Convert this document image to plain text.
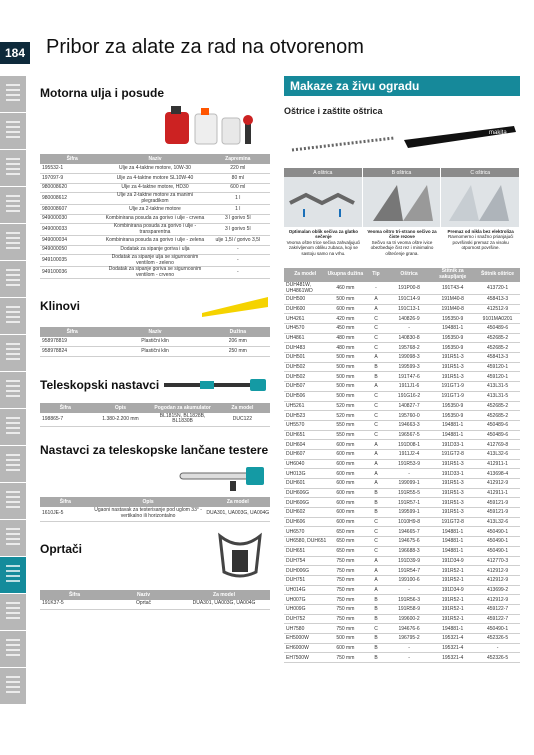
184 Pribor za alate za rad na otvorenom
Motorna ulja i posude
Šifra	Naziv	Zapremina
195532-1	Ulje za 4-taktne motore, 10W-30	220 ml
197097-9	Ulje za 4-taktne motore SL10W-40	80 ml
980008620	Ulje za 4-taktne motore, HD30	600 ml
980008612	Ulje za 2-taktne motore za manimi plegradikom	1 l
980008607	Ulje za 2-taktne motore	1 l
949000030	Kombinirana posuda za gorivo i ulje - crvena	3 l gorivo 5l
949000033	Kombinirana posuda za gorivo i ulje - transparentna	3 l gorivo 5l
949000034	Kombinirana posuda za gorivo i ulje - zelena	ulje 1,5l / gorivo 3,5l
949000050	Dodatak za sipanje goriva i ulja	-
949100035	Dodatak za sipanje ulja se sigurnosnim ventilom - zeleno	-
949100036	Dodatak za sipanje goriva se sigurnosnim ventilom - crveno	-
Klinovi
Šifra	Naziv	Dužina
958978819	Plastični klin	206 mm
958978824	Plastični klin	250 mm
Teleskopski nastavci
Šifra	Opis	Pogodan za akumulator	Za model
198865-7	1.380-2.200 mm	BL1815N, BL1828B, BL1830B	DUC122
Nastavci za teleskopske lančane testere
Šifra	Opis	Za model
1610JE-5	Ugaoni nastavak za testerisanje pod uglom 33° - vertikalno ili horizontalno	DUA301, UA003G, UA004G
Oprtači
Šifra	Naziv	Za model
191K37-5	Oprtač	DUA301, UA003G, UA004G
Makaze za živu ogradu
Oštrice i zaštite oštrica
makita
A oštrica	B oštrica	C oštrica
Optimalan oblik sečiva za glatko sečenje
Veoma oštre trice sečiva zahvaljujući zakrivljenom obliku zubaca, koji se sastoju samo na vrhu.
Veoma oštro tri-strano sečivo za čiste rezove
Sečivo sa tri veoma oštre ivice obezbeđuje čist rez i minimalno oštećenje grana.
Premaz od nikla bez elektroliza
Ravnomerno i snažno prianjajući površinski premaz za visoku otpornost površine.
Za model	Ukupna dužina	Tip	Oštrica	Štitnik za sakupljanje	Štitnik oštrice
DUH481W, UH4861WD	460 mm	-	191P00-8	191T43-4	413720-1
DUH500	500 mm	A	191C14-9	191M40-8	458413-3
DUH600	600 mm	A	191C13-1	191M40-8	412512-9
UH4261	420 mm	C	140826-9	195350-9	9101MA0201
UH4570	450 mm	C	-	194881-1	450489-6
UH4861	480 mm	C	140830-8	195350-9	452685-2
DUH483	480 mm	C	195768-2	195350-9	452685-2
DUH501	500 mm	A	199098-3	191R51-3	458413-3
DUH502	500 mm	B	199599-3	191R51-3	459120-1
DUH502	500 mm	B	191T47-6	191R51-3	459120-1
DUH507	500 mm	A	1911J1-6	191GT1-9	413L31-5
DUH506	500 mm	C	191G16-2	191GT1-9	413L31-5
UH5261	520 mm	C	140827-7	195350-9	452685-2
DUH523	520 mm	C	195760-0	195350-9	452685-2
UH5570	550 mm	C	194663-3	194881-1	450489-6
DUH651	550 mm	C	196567-5	194881-1	450489-6
DUH604	600 mm	A	191D08-1	191D33-1	412769-8
DUH607	600 mm	A	1911J2-4	191GT2-8	413L32-6
UH6040	600 mm	A	191R53-9	191R51-3	412911-1
UH013G	600 mm	A	-	191D33-1	413698-4
DUH601	600 mm	A	199099-1	191R51-3	412912-9
DUH606G	600 mm	B	191R55-5	191R51-3	412911-1
DUH606G	600 mm	B	191R57-1	191R51-3	459121-9
DUH602	600 mm	B	199599-1	191R51-3	459121-9
DUH606	600 mm	C	1010H9-8	191GT2-8	413L32-6
UH6570	650 mm	C	194665-7	194881-1	450490-1
UH6580, DUH651	650 mm	C	194675-6	194881-1	450490-1
DUH651	650 mm	C	196688-3	194881-1	450490-1
DUH754	750 mm	A	191D39-9	191D34-9	412770-3
DUH006G	750 mm	A	191R54-7	191R52-1	412912-9
DUH751	750 mm	A	199100-6	191R52-1	412912-9
UH014G	750 mm	A	-	191D34-9	413699-2
UH007G	750 mm	B	191R56-3	191R52-1	412912-9
UH009G	750 mm	B	191R58-9	191R52-1	459122-7
DUH752	750 mm	B	199600-2	191R52-1	459122-7
UH7580	750 mm	C	194676-6	194881-1	450490-1
EH5000W	500 mm	B	196795-2	195321-4	452326-5
EH6000W	600 mm	B	-	195321-4	-
EH7500W	750 mm	B	-	195321-4	452326-5
